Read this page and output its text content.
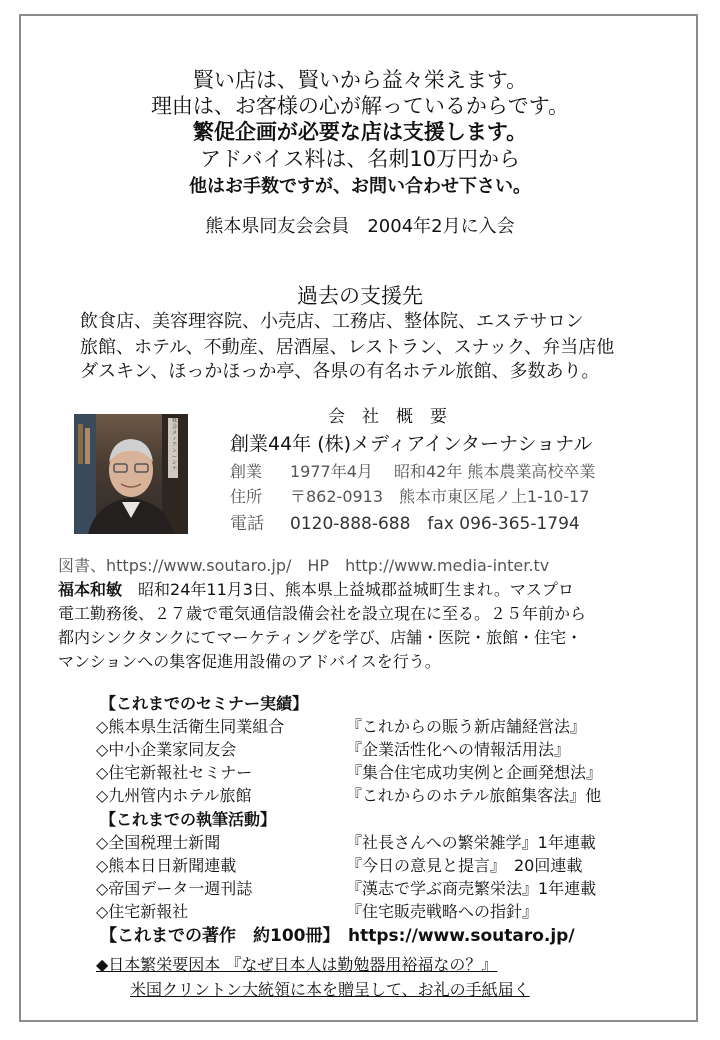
賢い店は、賢いから益々栄えます。
理由は、お客様の心が解っているからです。
繁促企画が必要な店は支援します。
アドバイス料は、名刺10万円から
他はお手数ですが、お問い合わせ下さい。
熊本県同友会会員　2004年2月に入会
過去の支援先
飲食店、美容理容院、小売店、工務店、整体院、エステサロン
旅館、ホテル、不動産、居酒屋、レストラン、スナック、弁当店他
ダスキン、ほっかほっか亭、各県の有名ホテル旅館、多数あり。
株式会社 メディアインターナショナル
会　社　概　要
創業44年 (株)メディアインターナショナル
創業 1977年4月　 昭和42年 熊本農業高校卒業
住所 〒862-0913　熊本市東区尾ノ上1-10-17
電話 0120-888-688　fax 096-365-1794
図書、https://www.soutaro.jp/　HP　http://www.media-inter.tv
福本和敏　 昭和24年11月3日、熊本県上益城郡益城町生まれ。マスプロ
電工勤務後、２７歳で電気通信設備会社を設立現在に至る。２５年前から
都内シンクタンクにてマーケティングを学び、店舗・医院・旅館・住宅・
マンションへの集客促進用設備のアドバイスを行う。
【これまでのセミナー実績】
◇熊本県生活衛生同業組合	『これからの賑う新店舗経営法』
◇中小企業家同友会	『企業活性化への情報活用法』
◇住宅新報社セミナー	『集合住宅成功実例と企画発想法』
◇九州管内ホテル旅館	『これからのホテル旅館集客法』他
【これまでの執筆活動】
◇全国税理士新聞	『社長さんへの繁栄雑学』1年連載
◇熊本日日新聞連載	『今日の意見と提言』　20回連載
◇帝国データ一週刊誌	『漢志で学ぶ商売繁栄法』1年連載
◇住宅新報社	『住宅販売戦略への指針』
【これまでの著作　約100冊】　https://www.soutaro.jp/
◆日本繁栄要因本 『なぜ日本人は勤勉器用裕福なの？』
米国クリントン大統領に本を贈呈して、お礼の手紙届く
